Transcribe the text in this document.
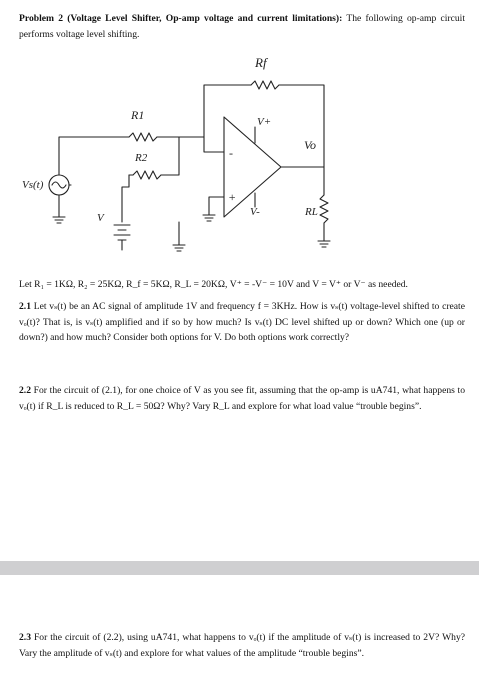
Problem 2 (Voltage Level Shifter, Op-amp voltage and current limitations): The following op-amp circuit performs voltage level shifting.
Rf
R1
R2
V+
V-
Vo
RL
Vs(t)
V
-
+
Let R₁ = 1KΩ, R₂ = 25KΩ, R_f = 5KΩ, R_L = 20KΩ, V⁺ = -V⁻ = 10V and V = V⁺ or V⁻ as needed.
2.1 Let vₛ(t) be an AC signal of amplitude 1V and frequency f = 3KHz. How is vₛ(t) voltage-level shifted to create vₒ(t)? That is, is vₛ(t) amplified and if so by how much? Is vₛ(t) DC level shifted up or down? Which one (up or down?) and how much? Consider both options for V. Do both options work correctly?
2.2 For the circuit of (2.1), for one choice of V as you see fit, assuming that the op-amp is uA741, what happens to vₒ(t) if R_L is reduced to R_L = 50Ω? Why? Vary R_L and explore for what load value “trouble begins”.
2.3 For the circuit of (2.2), using uA741, what happens to vₒ(t) if the amplitude of vₛ(t) is increased to 2V? Why? Vary the amplitude of vₛ(t) and explore for what values of the amplitude “trouble begins”.
